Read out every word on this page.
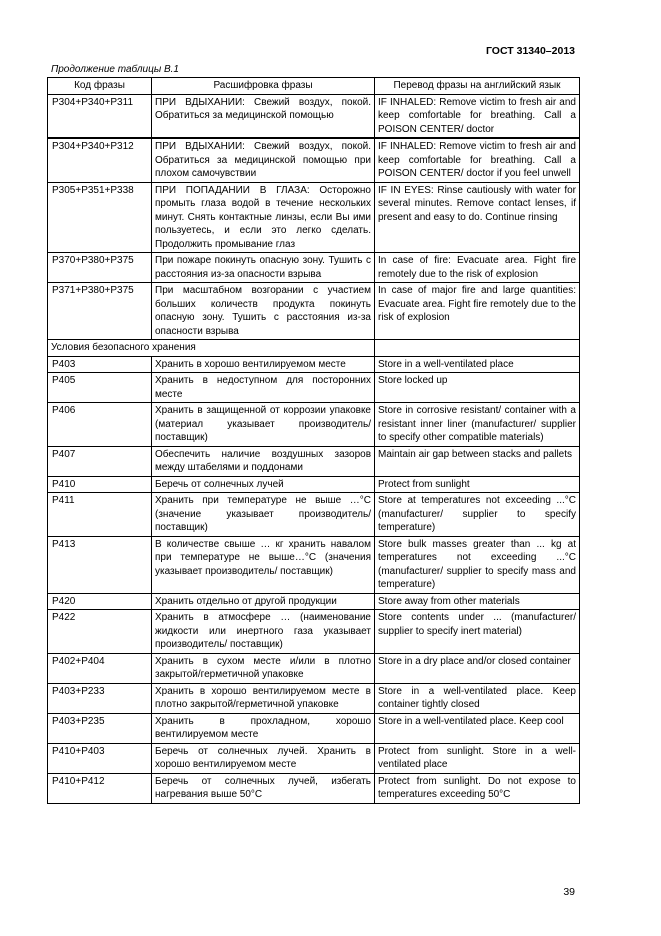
ГОСТ 31340–2013
Продолжение таблицы В.1
Код фразы	Расшифровка фразы	Перевод фразы на английский язык
P304+P340+P311	ПРИ ВДЫХАНИИ: Свежий воздух, покой. Обратиться за медицинской помощью	IF INHALED: Remove victim to fresh air and keep comfortable for breathing. Call a POISON CENTER/ doctor
P304+P340+P312	ПРИ ВДЫХАНИИ: Свежий воздух, покой. Обратиться за медицинской помощью при плохом самочувствии	IF INHALED: Remove victim to fresh air and keep comfortable for breathing. Call a POISON CENTER/ doctor if you feel unwell
P305+P351+P338	ПРИ ПОПАДАНИИ В ГЛАЗА: Осторожно промыть глаза водой в течение нескольких минут. Снять контактные линзы, если Вы ими пользуетесь, и если это легко сделать. Продолжить промывание глаз	IF IN EYES: Rinse cautiously with water for several minutes. Remove contact lenses, if present and easy to do. Continue rinsing
P370+P380+P375	При пожаре покинуть опасную зону. Тушить с расстояния из-за опасности взрыва	In case of fire: Evacuate area. Fight fire remotely due to the risk of explosion
P371+P380+P375	При масштабном возгорании с участием больших количеств продукта покинуть опасную зону. Тушить с расстояния из-за опасности взрыва	In case of major fire and large quantities: Evacuate area. Fight fire remotely due to the risk of explosion
Условия безопасного хранения		
P403	Хранить в хорошо вентилируемом месте	Store in a well-ventilated place
P405	Хранить в недоступном для посторонних месте	Store locked up
P406	Хранить в защищенной от коррозии упаковке (материал указывает производитель/ поставщик)	Store in corrosive resistant/ container with a resistant inner liner (manufacturer/ supplier to specify other compatible materials)
P407	Обеспечить наличие воздушных зазоров между штабелями и поддонами	Maintain air gap between stacks and pallets
P410	Беречь от солнечных лучей	Protect from sunlight
P411	Хранить при температуре не выше …°С (значение указывает производитель/ поставщик)	Store at temperatures not exceeding ...°C (manufacturer/ supplier to specify temperature)
P413	В количестве свыше … кг хранить навалом при температуре не выше…°С (значения указывает производитель/ поставщик)	Store bulk masses greater than ... kg at temperatures not exceeding ...°C (manufacturer/ supplier to specify mass and temperature)
P420	Хранить отдельно от другой продукции	Store away from other materials
P422	Хранить в атмосфере … (наименование жидкости или инертного газа указывает производитель/ поставщик)	Store contents under ... (manufacturer/ supplier to specify inert material)
P402+P404	Хранить в сухом месте и/или в плотно закрытой/герметичной упаковке	Store in a dry place and/or closed container
P403+P233	Хранить в хорошо вентилируемом месте в плотно закрытой/герметичной упаковке	Store in a well-ventilated place. Keep container tightly closed
P403+P235	Хранить в прохладном, хорошо вентилируемом месте	Store in a well-ventilated place. Keep cool
P410+P403	Беречь от солнечных лучей. Хранить в хорошо вентилируемом месте	Protect from sunlight. Store in a well-ventilated place
P410+P412	Беречь от солнечных лучей, избегать нагревания выше 50°С	Protect from sunlight. Do not expose to temperatures exceeding 50°C
39
